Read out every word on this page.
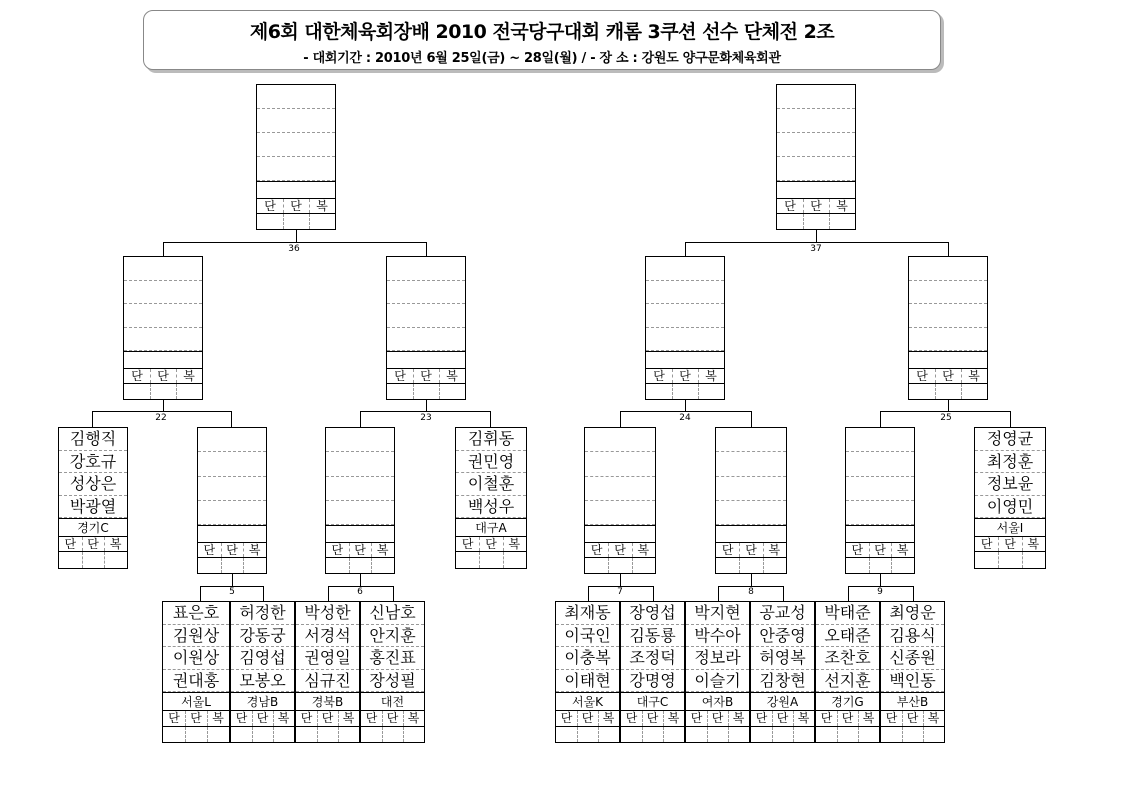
제6회 대한체육회장배 2010 전국당구대회 캐롬 3쿠션 선수 단체전 2조
- 대회기간 : 2010년 6월 25일(금) ~ 28일(월) / - 장 소 : 강원도 양구문화체육회관
단	단	복	단	단	복
단	단	복	단	단	복	단	단	복	단	단	복
단 단 복	단 단 복	단 단 복	단 단 복	단 단 복
김행직
강호규
성상은
박광열
경기C
단 단 복
김휘동
권민영
이철훈
백성우
대구A
단 단 복
정영균
최정훈
정보윤
이영민
서울I
단 단 복
표은호
김원상
이원상
권대홍
서울L
단 단 복
허정한
강동궁
김영섭
모봉오
경남B
단 단 복
박성한
서경석
권영일
심규진
경북B
단 단 복
신남호
안지훈
홍진표
장성필
대전
단 단 복
최재동
이국인
이충복
이태현
서울K
단 단 복
장영섭
김동룡
조정덕
강명영
대구C
단 단 복
박지현
박수아
정보라
이슬기
여자B
단 단 복
공교성
안중영
허영복
김창현
강원A
단 단 복
박태준
오태준
조찬호
선지훈
경기G
단 단 복
최영운
김용식
신종원
백인동
부산B
단 단 복
36	37
22	23	24	25
5	6	7	8	9
